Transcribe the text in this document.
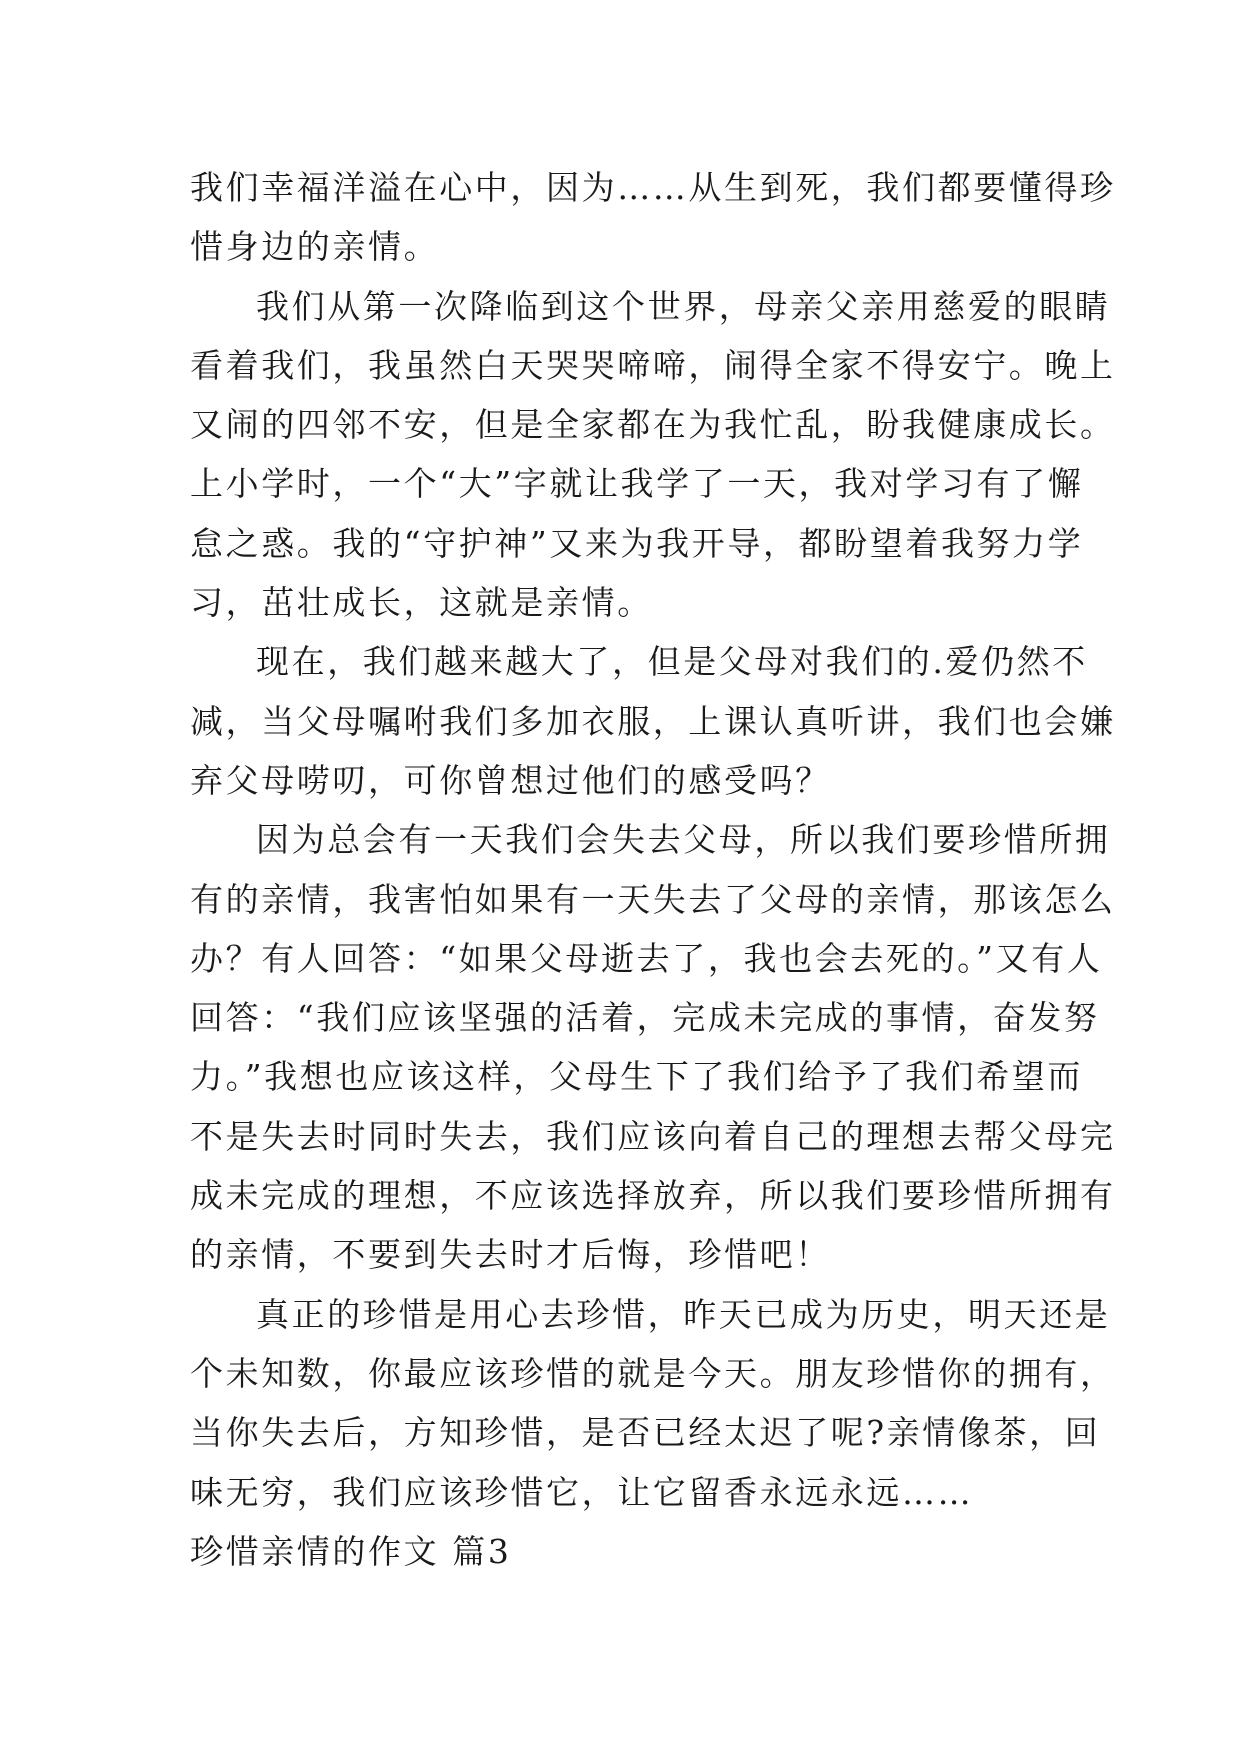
我们幸福洋溢在心中，因为……从生到死，我们都要懂得珍
惜身边的亲情。
我们从第一次降临到这个世界，母亲父亲用慈爱的眼睛
看着我们，我虽然白天哭哭啼啼，闹得全家不得安宁。晚上
又闹的四邻不安，但是全家都在为我忙乱，盼我健康成长。
上小学时，一个“大”字就让我学了一天，我对学习有了懈
怠之惑。我的“守护神”又来为我开导，都盼望着我努力学
习，茁壮成长，这就是亲情。
现在，我们越来越大了，但是父母对我们的.爱仍然不
减，当父母嘱咐我们多加衣服，上课认真听讲，我们也会嫌
弃父母唠叨，可你曾想过他们的感受吗？
因为总会有一天我们会失去父母，所以我们要珍惜所拥
有的亲情，我害怕如果有一天失去了父母的亲情，那该怎么
办？有人回答：“如果父母逝去了，我也会去死的。”又有人
回答：“我们应该坚强的活着，完成未完成的事情，奋发努
力。”我想也应该这样，父母生下了我们给予了我们希望而
不是失去时同时失去，我们应该向着自己的理想去帮父母完
成未完成的理想，不应该选择放弃，所以我们要珍惜所拥有
的亲情，不要到失去时才后悔，珍惜吧！
真正的珍惜是用心去珍惜，昨天已成为历史，明天还是
个未知数，你最应该珍惜的就是今天。朋友珍惜你的拥有，
当你失去后，方知珍惜，是否已经太迟了呢?亲情像茶，回
味无穷，我们应该珍惜它，让它留香永远永远……
珍惜亲情的作文 篇3
